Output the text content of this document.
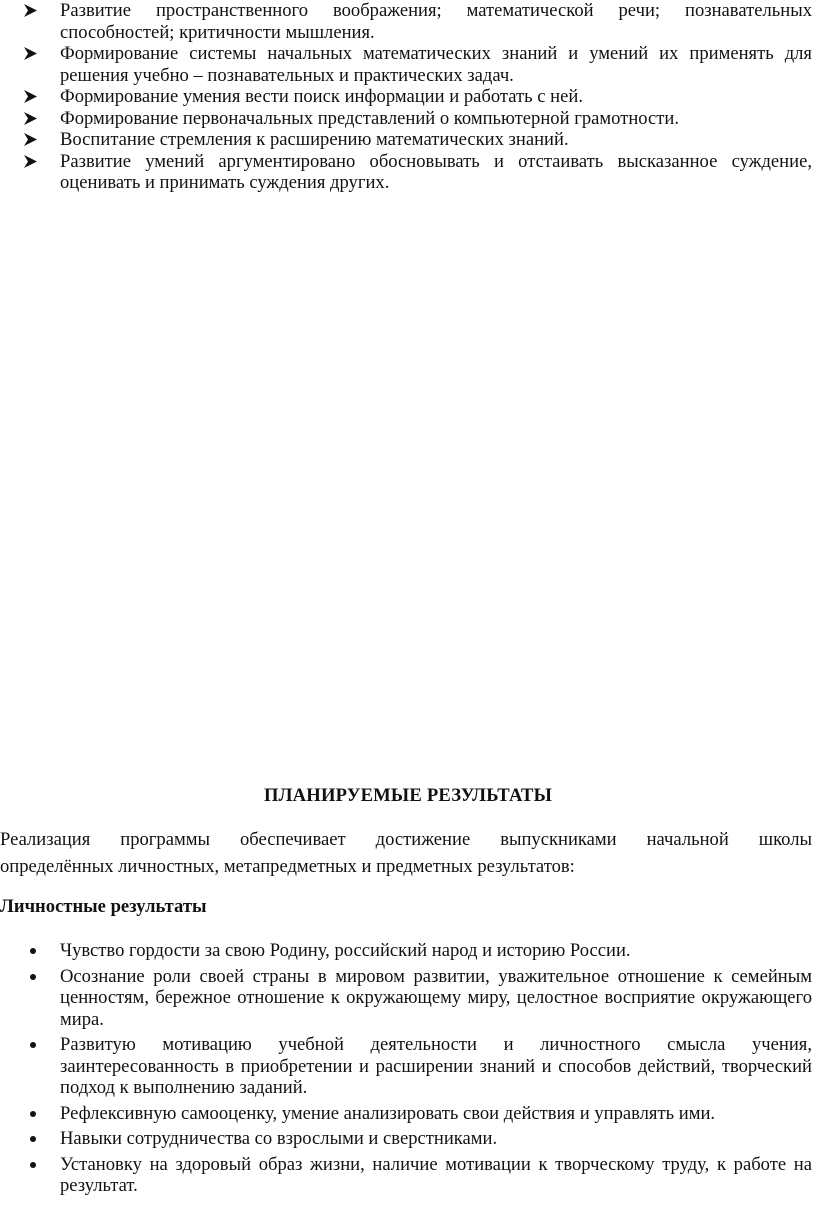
Развитие пространственного воображения; математической речи; познавательных способностей; критичности мышления.
Формирование системы начальных математических знаний и умений их применять для решения учебно – познавательных и практических задач.
Формирование умения вести поиск информации и работать с ней.
Формирование первоначальных представлений о компьютерной грамотности.
Воспитание стремления к расширению математических знаний.
Развитие умений аргументировано обосновывать и отстаивать высказанное суждение, оценивать и принимать суждения других.
ПЛАНИРУЕМЫЕ РЕЗУЛЬТАТЫ

Реализация программы обеспечивает достижение выпускниками начальной школы
определённых личностных, метапредметных и предметных результатов:

Личностные результаты
Чувство гордости за свою Родину, российский народ и историю России.
Осознание роли своей страны в мировом развитии, уважительное отношение к семейным ценностям, бережное отношение к окружающему миру, целостное восприятие окружающего мира.
Развитую мотивацию учебной деятельности и личностного смысла учения, заинтересованность в приобретении и расширении знаний и способов действий, творческий подход к выполнению заданий.
Рефлексивную самооценку, умение анализировать свои действия и управлять ими.
Навыки сотрудничества со взрослыми и сверстниками.
Установку на здоровый образ жизни, наличие мотивации к творческому труду, к работе на результат.
